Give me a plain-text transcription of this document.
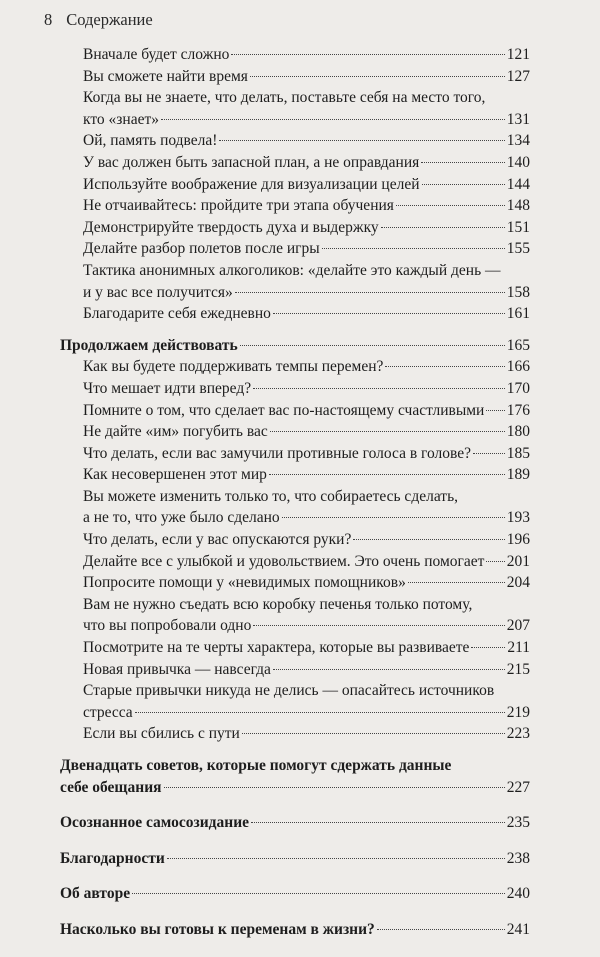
8 Содержание
Вначале будет сложно	121
Вы сможете найти время	127
Когда вы не знаете, что делать, поставьте себя на место того,
кто «знает»	131
Ой, память подвела!	134
У вас должен быть запасной план, а не оправдания	140
Используйте воображение для визуализации целей	144
Не отчаивайтесь: пройдите три этапа обучения	148
Демонстрируйте твердость духа и выдержку	151
Делайте разбор полетов после игры	155
Тактика анонимных алкоголиков: «делайте это каждый день —
и у вас все получится»	158
Благодарите себя ежедневно	161
Продолжаем действовать	165
Как вы будете поддерживать темпы перемен?	166
Что мешает идти вперед?	170
Помните о том, что сделает вас по-настоящему счастливыми 176
Не дайте «им» погубить вас	180
Что делать, если вас замучили противные голоса в голове? 185
Как несовершенен этот мир	189
Вы можете изменить только то, что собираетесь сделать,
а не то, что уже было сделано	193
Что делать, если у вас опускаются руки?	196
Делайте все с улыбкой и удовольствием. Это очень помогает 201
Попросите помощи у «невидимых помощников»	204
Вам не нужно съедать всю коробку печенья только потому,
что вы попробовали одно	207
Посмотрите на те черты характера, которые вы развиваете 211
Новая привычка — навсегда	215
Старые привычки никуда не делись — опасайтесь источников
стресса	219
Если вы сбились с пути	223
Двенадцать советов, которые помогут сдержать данные
себе обещания	227
Осознанное самосозидание	235
Благодарности	238
Об авторе	240
Насколько вы готовы к переменам в жизни?	241
